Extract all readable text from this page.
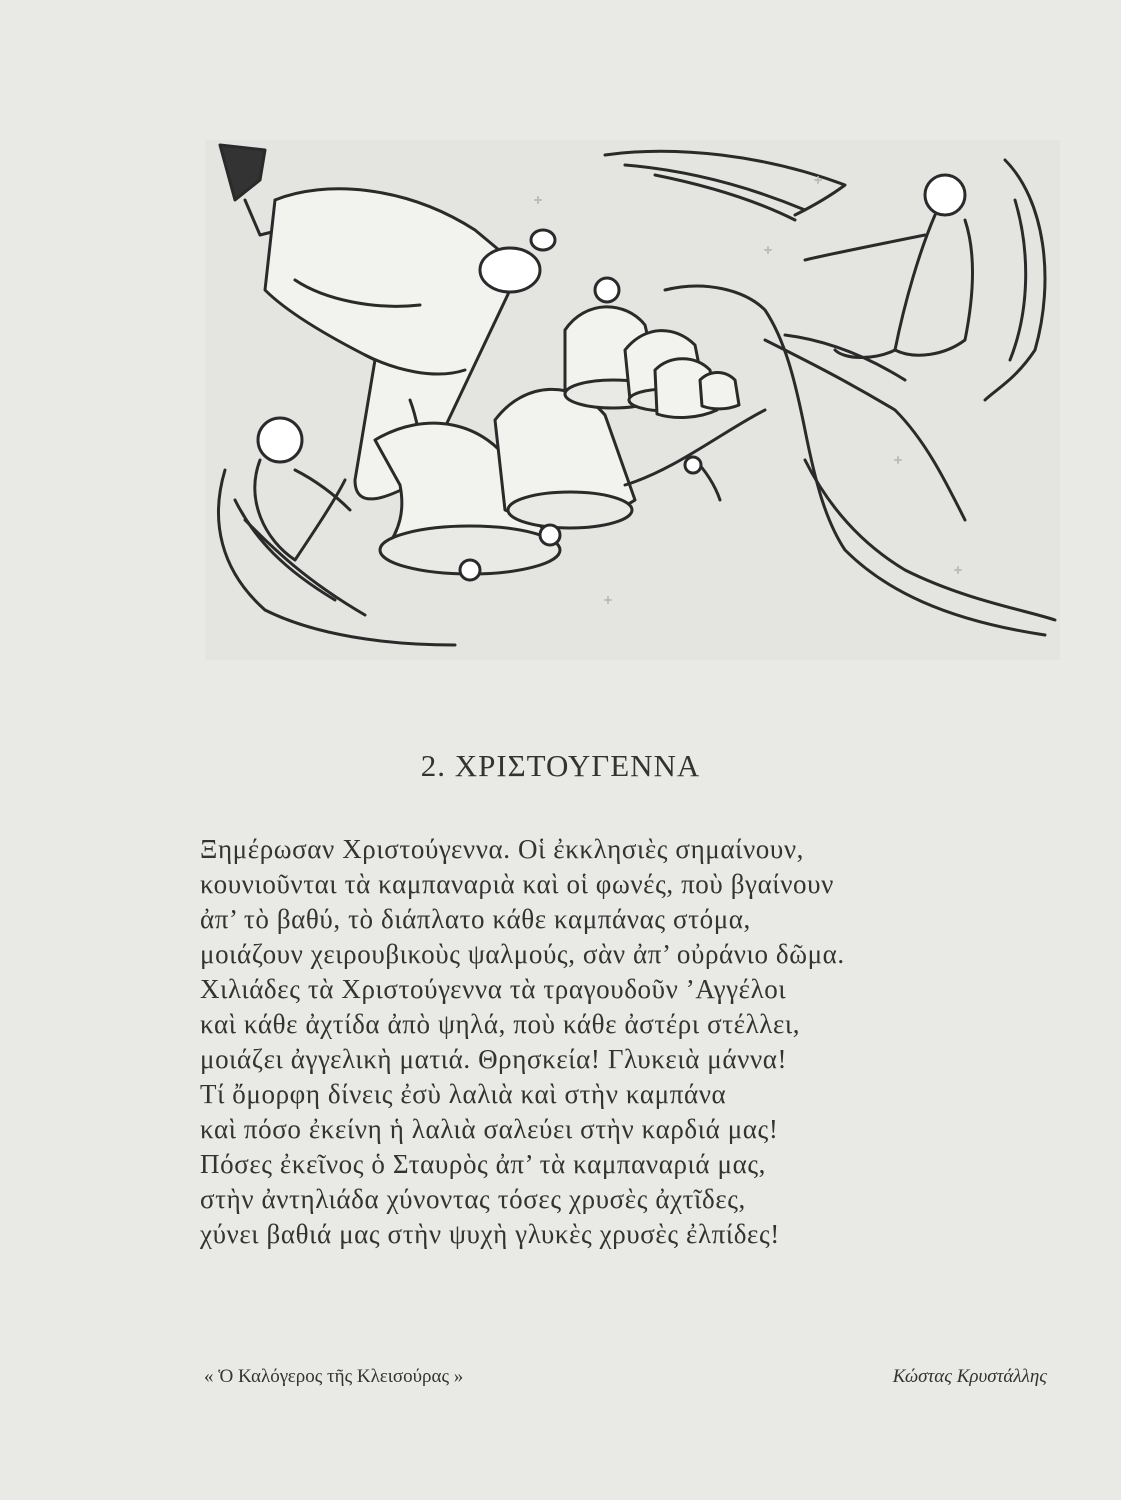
2. ΧΡΙΣΤΟΥΓΕΝΝΑ
Ξημέρωσαν Χριστούγεννα. Οἱ ἐκκλησιὲς σημαίνουν,
κουνιοῦνται τὰ καμπαναριὰ καὶ οἱ φωνές, ποὺ βγαίνουν
ἀπ’ τὸ βαθύ, τὸ διάπλατο κάθε καμπάνας στόμα,
μοιάζουν χειρουβικοὺς ψαλμούς, σὰν ἀπ’ οὐράνιο δῶμα.
Χιλιάδες τὰ Χριστούγεννα τὰ τραγουδοῦν ’Αγγέλοι
καὶ κάθε ἀχτίδα ἀπὸ ψηλά, ποὺ κάθε ἀστέρι στέλλει,
μοιάζει ἀγγελικὴ ματιά. Θρησκεία! Γλυκειὰ μάννα!
Τί ὄμορφη δίνεις ἐσὺ λαλιὰ καὶ στὴν καμπάνα
καὶ πόσο ἐκείνη ἡ λαλιὰ σαλεύει στὴν καρδιά μας!
Πόσες ἐκεῖνος ὁ Σταυρὸς ἀπ’ τὰ καμπαναριά μας,
στὴν ἀντηλιάδα χύνοντας τόσες χρυσὲς ἀχτῖδες,
χύνει βαθιά μας στὴν ψυχὴ γλυκὲς χρυσὲς ἐλπίδες!
« Ὁ Καλόγερος τῆς Κλεισούρας »	Κώστας Κρυστάλλης
